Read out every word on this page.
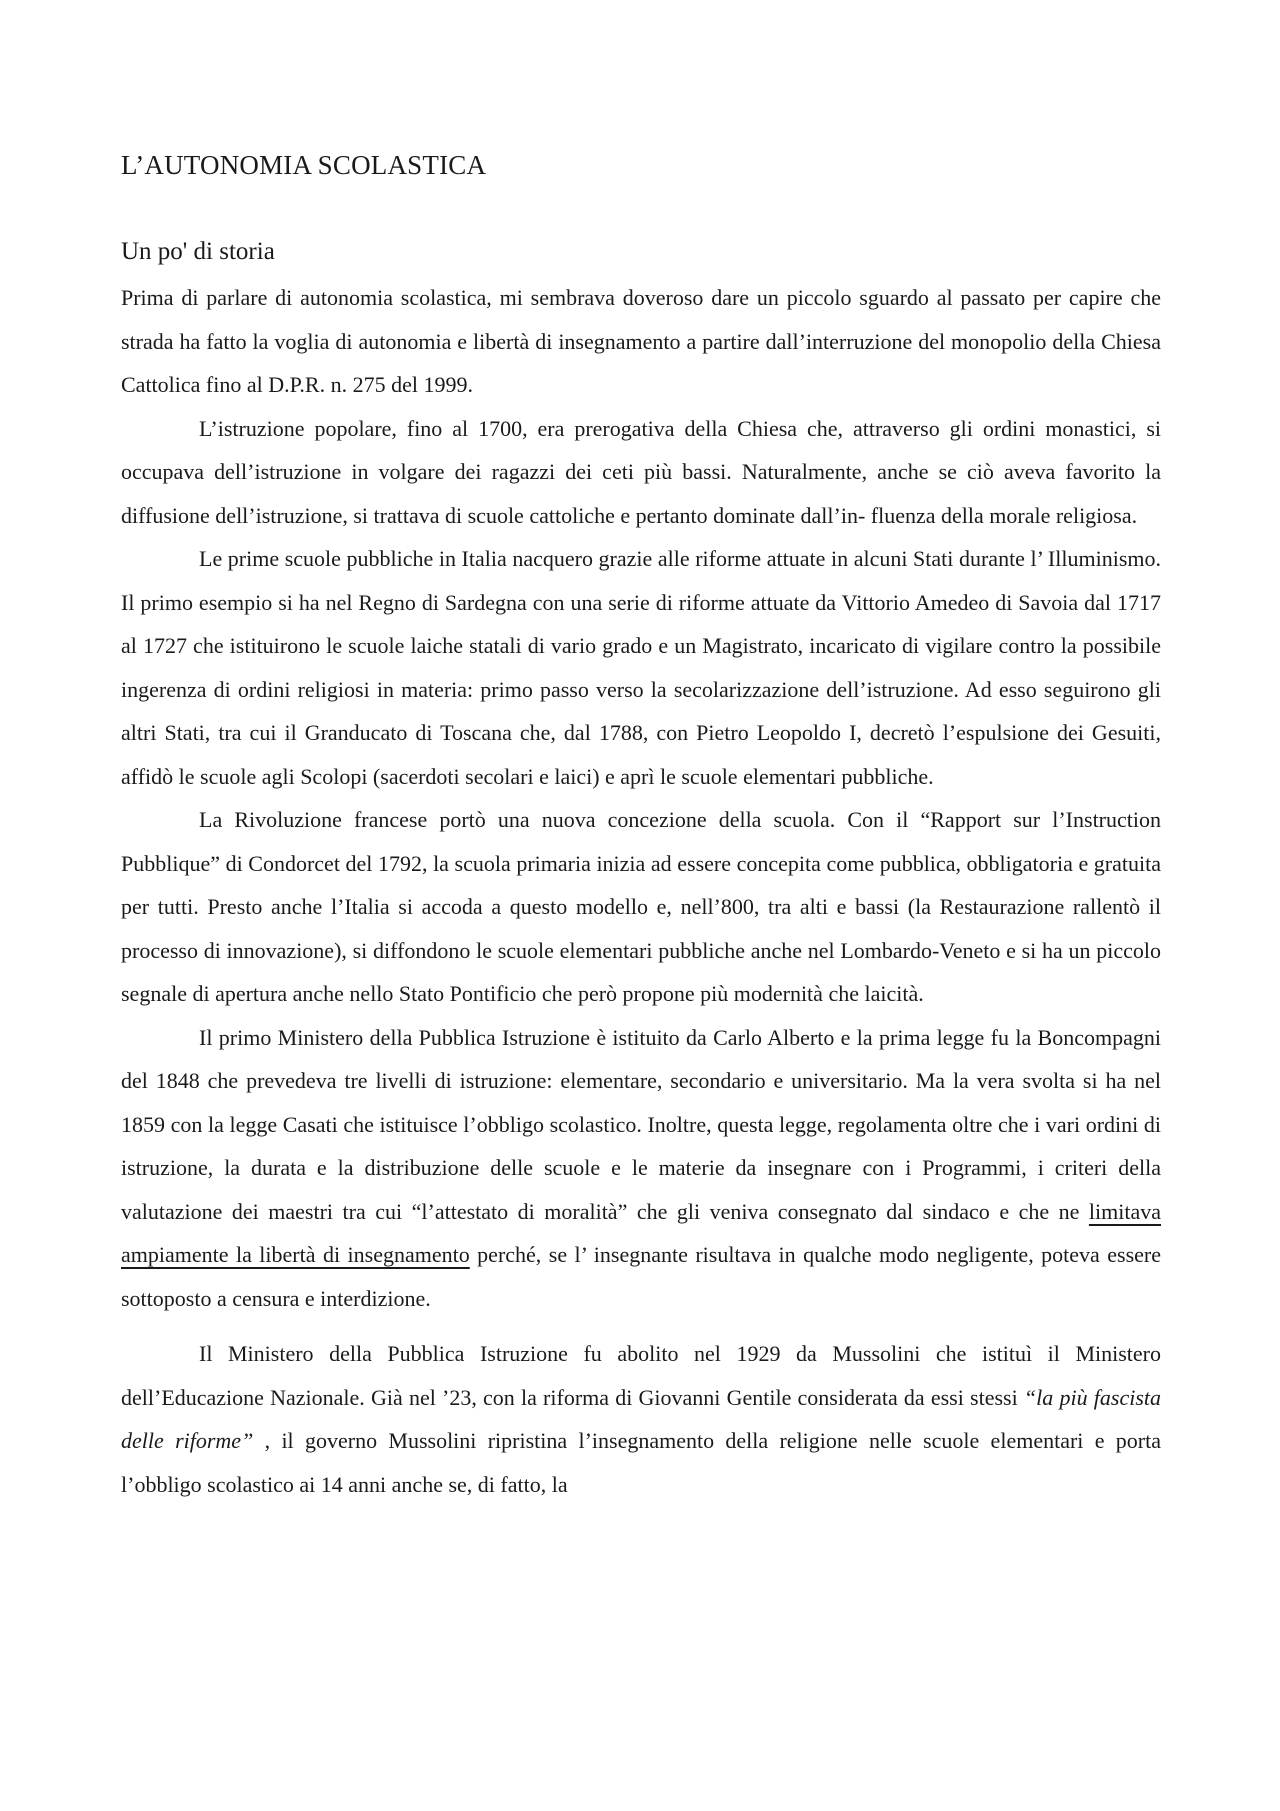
L’AUTONOMIA SCOLASTICA
Un po' di storia

Prima di parlare di autonomia scolastica, mi sembrava doveroso dare un piccolo sguardo al passato per capire che strada ha fatto la voglia di autonomia e libertà di insegnamento a partire dall’interruzione del monopolio della Chiesa Cattolica fino al D.P.R. n. 275 del 1999.

L’istruzione popolare, fino al 1700, era prerogativa della Chiesa che, attraverso gli ordini monastici, si occupava dell’istruzione in volgare dei ragazzi dei ceti più bassi. Naturalmente, anche se ciò aveva favorito la diffusione dell’istruzione, si trattava di scuole cattoliche e pertanto dominate dall’in- fluenza della morale religiosa.

Le prime scuole pubbliche in Italia nacquero grazie alle riforme attuate in alcuni Stati durante l’ Illuminismo. Il primo esempio si ha nel Regno di Sardegna con una serie di riforme attuate da Vittorio Amedeo di Savoia dal 1717 al 1727 che istituirono le scuole laiche statali di vario grado e un Magistrato, incaricato di vigilare contro la possibile ingerenza di ordini religiosi in materia: primo passo verso la secolarizzazione dell’istruzione. Ad esso seguirono gli altri Stati, tra cui il Granducato di Toscana che, dal 1788, con Pietro Leopoldo I, decretò l’espulsione dei Gesuiti, affidò le scuole agli Scolopi (sacerdoti secolari e laici) e aprì le scuole elementari pubbliche.

La Rivoluzione francese portò una nuova concezione della scuola. Con il “Rapport sur l’Instruction Pubblique” di Condorcet del 1792, la scuola primaria inizia ad essere concepita come pubblica, obbligatoria e gratuita per tutti. Presto anche l’Italia si accoda a questo modello e, nell’800, tra alti e bassi (la Restaurazione rallentò il processo di innovazione), si diffondono le scuole elementari pubbliche anche nel Lombardo-Veneto e si ha un piccolo segnale di apertura anche nello Stato Pontificio che però propone più modernità che laicità.

Il primo Ministero della Pubblica Istruzione è istituito da Carlo Alberto e la prima legge fu la Boncompagni del 1848 che prevedeva tre livelli di istruzione: elementare, secondario e universitario. Ma la vera svolta si ha nel 1859 con la legge Casati che istituisce l’obbligo scolastico. Inoltre, questa legge, regolamenta oltre che i vari ordini di istruzione, la durata e la distribuzione delle scuole e le materie da insegnare con i Programmi, i criteri della valutazione dei maestri tra cui “l’attestato di moralità” che gli veniva consegnato dal sindaco e che ne limitava ampiamente la libertà di insegnamento perché, se l’ insegnante risultava in qualche modo negligente, poteva essere sottoposto a censura e interdizione.

Il Ministero della Pubblica Istruzione fu abolito nel 1929 da Mussolini che istituì il Ministero dell’Educazione Nazionale. Già nel ’23, con la riforma di Giovanni Gentile considerata da essi stessi “la più fascista delle riforme” , il governo Mussolini ripristina l’insegnamento della religione nelle scuole elementari e porta l’obbligo scolastico ai 14 anni anche se, di fatto, la
